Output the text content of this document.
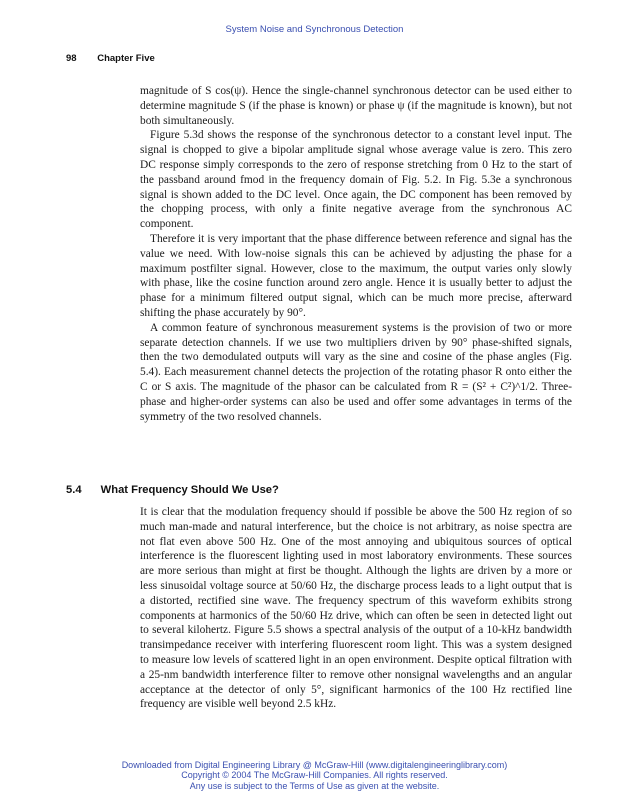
System Noise and Synchronous Detection
98 Chapter Five

magnitude of S cos(ψ). Hence the single-channel synchronous detector can be used either to determine magnitude S (if the phase is known) or phase ψ (if the magnitude is known), but not both simultaneously.

Figure 5.3d shows the response of the synchronous detector to a constant level input. The signal is chopped to give a bipolar amplitude signal whose average value is zero. This zero DC response simply corresponds to the zero of response stretching from 0 Hz to the start of the passband around fmod in the frequency domain of Fig. 5.2. In Fig. 5.3e a synchronous signal is shown added to the DC level. Once again, the DC component has been removed by the chopping process, with only a finite negative average from the synchronous AC component.

Therefore it is very important that the phase difference between reference and signal has the value we need. With low-noise signals this can be achieved by adjusting the phase for a maximum postfilter signal. However, close to the maximum, the output varies only slowly with phase, like the cosine function around zero angle. Hence it is usually better to adjust the phase for a minimum filtered output signal, which can be much more precise, afterward shifting the phase accurately by 90°.

A common feature of synchronous measurement systems is the provision of two or more separate detection channels. If we use two multipliers driven by 90° phase-shifted signals, then the two demodulated outputs will vary as the sine and cosine of the phase angles (Fig. 5.4). Each measurement channel detects the projection of the rotating phasor R onto either the C or S axis. The magnitude of the phasor can be calculated from R = (S² + C²)^1/2. Three-phase and higher-order systems can also be used and offer some advantages in terms of the symmetry of the two resolved channels.

5.4 What Frequency Should We Use?

It is clear that the modulation frequency should if possible be above the 500 Hz region of so much man-made and natural interference, but the choice is not arbitrary, as noise spectra are not flat even above 500 Hz. One of the most annoying and ubiquitous sources of optical interference is the fluorescent lighting used in most laboratory environments. These sources are more serious than might at first be thought. Although the lights are driven by a more or less sinusoidal voltage source at 50/60 Hz, the discharge process leads to a light output that is a distorted, rectified sine wave. The frequency spectrum of this waveform exhibits strong components at harmonics of the 50/60 Hz drive, which can often be seen in detected light out to several kilohertz. Figure 5.5 shows a spectral analysis of the output of a 10-kHz bandwidth transimpedance receiver with interfering fluorescent room light. This was a system designed to measure low levels of scattered light in an open environment. Despite optical filtration with a 25-nm bandwidth interference filter to remove other nonsignal wavelengths and an angular acceptance at the detector of only 5°, significant harmonics of the 100 Hz rectified line frequency are visible well beyond 2.5 kHz.

Downloaded from Digital Engineering Library @ McGraw-Hill (www.digitalengineeringlibrary.com)
Copyright © 2004 The McGraw-Hill Companies. All rights reserved.
Any use is subject to the Terms of Use as given at the website.
